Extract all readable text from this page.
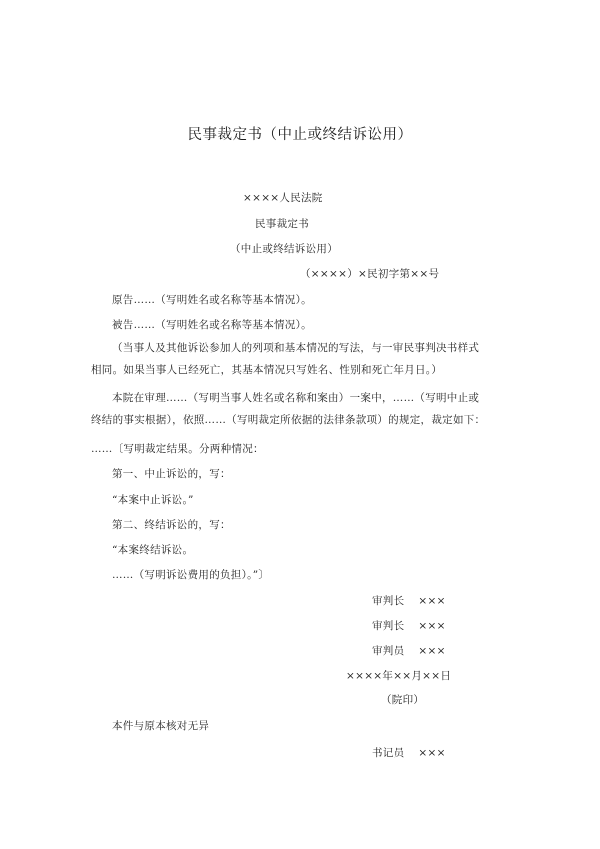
民事裁定书（中止或终结诉讼用）
××××人民法院
民事裁定书
（中止或终结诉讼用）
（××××）×民初字第××号
原告……（写明姓名或名称等基本情况）。
被告……（写明姓名或名称等基本情况）。
（当事人及其他诉讼参加人的列项和基本情况的写法，与一审民事判决书样式相同。如果当事人已经死亡，其基本情况只写姓名、性别和死亡年月日。）
本院在审理……（写明当事人姓名或名称和案由）一案中，……（写明中止或终结的事实根据），依照……（写明裁定所依据的法律条款项）的规定，裁定如下：
……〔写明裁定结果。分两种情况：
第一、中止诉讼的，写：
“本案中止诉讼。”
第二、终结诉讼的，写：
“本案终结诉讼。
……（写明诉讼费用的负担）。”〕
审判长 ×××
审判长 ×××
审判员 ×××
××××年××月××日
（院印）
本件与原本核对无异
书记员 ×××
